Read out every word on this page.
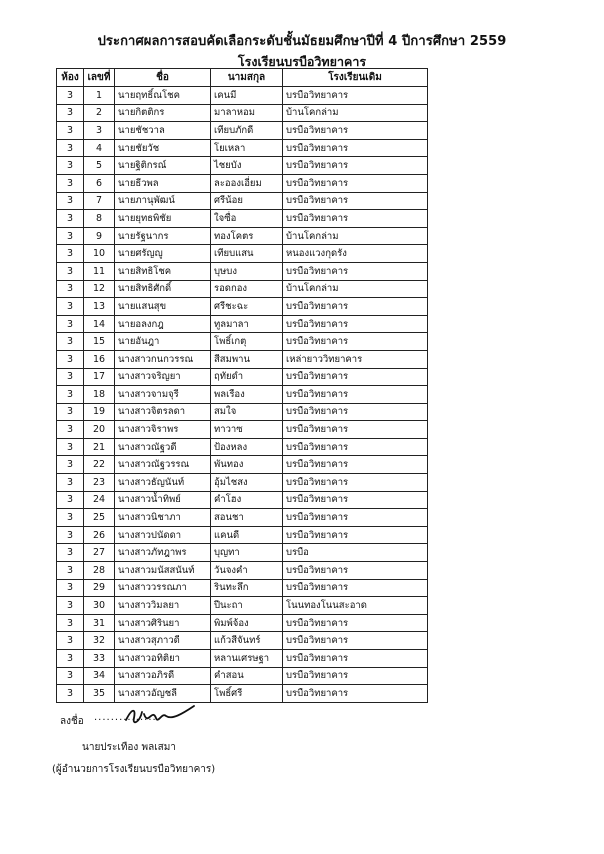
ประกาศผลการสอบคัดเลือกระดับชั้นมัธยมศึกษาปีที่ 4 ปีการศึกษา 2559
โรงเรียนบรบือวิทยาคาร
ห้อง	เลขที่	ชื่อ	นามสกุล	โรงเรียนเดิม
3	1	นายฤทธิ์ณโชค	เคนมี	บรบือวิทยาคาร
3	2	นายกิตติกร	มาลาหอม	บ้านโคกล่าม
3	3	นายชัชวาล	เทียบภักดี	บรบือวิทยาคาร
3	4	นายชัยวัช	โยเหลา	บรบือวิทยาคาร
3	5	นายฐิติกรณ์	ไชยบัง	บรบือวิทยาคาร
3	6	นายธีวพล	ละอองเอี่ยม	บรบือวิทยาคาร
3	7	นายภานุพัฒน์	ศรีน้อย	บรบือวิทยาคาร
3	8	นายยุทธพิชัย	ใจซื่อ	บรบือวิทยาคาร
3	9	นายรัฐนากร	ทองโคตร	บ้านโคกล่าม
3	10	นายศรัญญู	เทียบแสน	หนองแวงกุดรัง
3	11	นายสิทธิโชค	บุษบง	บรบือวิทยาคาร
3	12	นายสิทธิศักดิ์	รอดกอง	บ้านโคกล่าม
3	13	นายแสนสุข	ศรีชะฉะ	บรบือวิทยาคาร
3	14	นายอลงกฎ	ทูลมาลา	บรบือวิทยาคาร
3	15	นายอันฎา	โพธิ์เกตุ	บรบือวิทยาคาร
3	16	นางสาวกนกวรรณ	สีสมพาน	เหล่ายาววิทยาคาร
3	17	นางสาวจริญยา	ฤทัยดำ	บรบือวิทยาคาร
3	18	นางสาวจามจุรี	พลเรือง	บรบือวิทยาคาร
3	19	นางสาวจิตรลดา	สมใจ	บรบือวิทยาคาร
3	20	นางสาวจิราพร	ทาวาซ	บรบือวิทยาคาร
3	21	นางสาวณัฐวดี	ป้องหลง	บรบือวิทยาคาร
3	22	นางสาวณัฐวรรณ	พันทอง	บรบือวิทยาคาร
3	23	นางสาวธัญนันท์	อุ้มไชสง	บรบือวิทยาคาร
3	24	นางสาวน้ำทิพย์	คำโฮง	บรบือวิทยาคาร
3	25	นางสาวนิชาภา	สอนชา	บรบือวิทยาคาร
3	26	นางสาวปนัดดา	แคนดี	บรบือวิทยาคาร
3	27	นางสาวภัทฎาพร	บุญทา	บรบือ
3	28	นางสาวมนัสสนันท์	วันจงคำ	บรบือวิทยาคาร
3	29	นางสาววรรณภา	รินทะลึก	บรบือวิทยาคาร
3	30	นางสาววิมลยา	ปีนะถา	โนนทองโนนสะอาด
3	31	นางสาวศิรินยา	พิมพ์จ้อง	บรบือวิทยาคาร
3	32	นางสาวสุภาวดี	แก้วสีจันทร์	บรบือวิทยาคาร
3	33	นางสาวอทิติยา	หลานเศรษฐา	บรบือวิทยาคาร
3	34	นางสาวอภิรดี	คำสอน	บรบือวิทยาคาร
3	35	นางสาวอัญชลี	โพธิ์ศรี	บรบือวิทยาคาร
ลงชื่อ ...............
นายประเทือง พลเสมา
(ผู้อำนวยการโรงเรียนบรบือวิทยาคาร)
